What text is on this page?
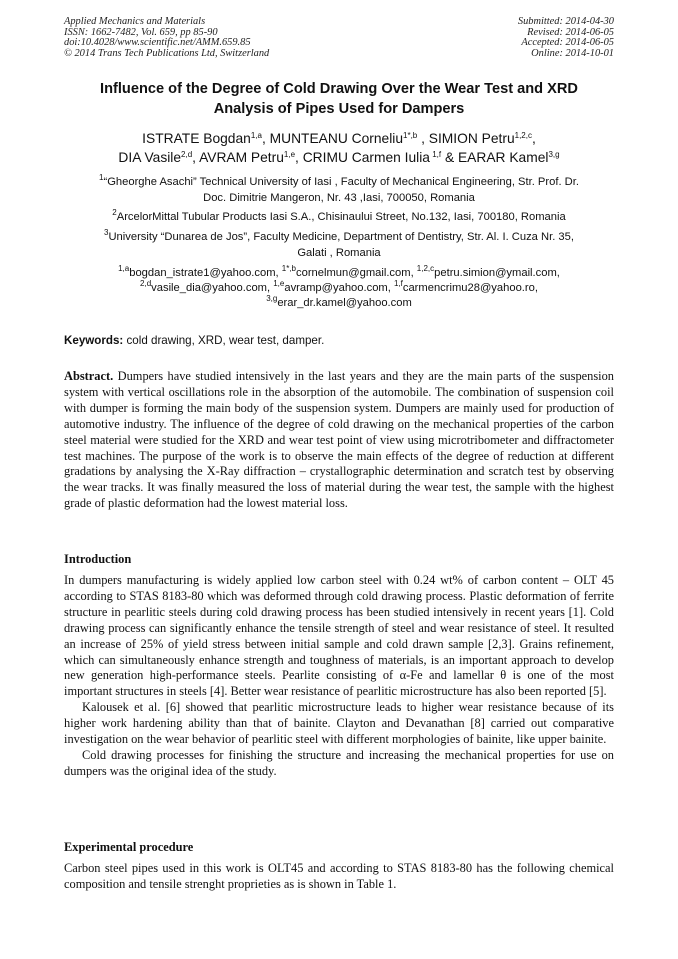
Applied Mechanics and Materials
ISSN: 1662-7482, Vol. 659, pp 85-90
doi:10.4028/www.scientific.net/AMM.659.85
© 2014 Trans Tech Publications Ltd, Switzerland
Submitted: 2014-04-30
Revised: 2014-06-05
Accepted: 2014-06-05
Online: 2014-10-01
Influence of the Degree of Cold Drawing Over the Wear Test and XRD
Analysis of Pipes Used for Dampers
ISTRATE Bogdan$^{1,a}$, MUNTEANU Corneliu$^{1*,b}$ , SIMION Petru$^{1,2,c}$,
DIA Vasile$^{2,d}$, AVRAM Petru$^{1,e}$, CRIMU Carmen Iulia $^{1,f}$ & EARAR Kamel$^{3,g}$
$^1$“Gheorghe Asachi” Technical University of Iasi , Faculty of Mechanical Engineering, Str. Prof. Dr.
Doc. Dimitrie Mangeron, Nr. 43 ,Iasi, 700050, Romania
$^2$ArcelorMittal Tubular Products Iasi S.A., Chisinaului Street, No.132, Iasi, 700180, Romania
$^3$University “Dunarea de Jos”, Faculty Medicine, Department of Dentistry, Str. Al. I. Cuza Nr. 35,
Galati , Romania
$^{1,a}$bogdan_istrate1@yahoo.com, $^{1*,b}$cornelmun@gmail.com, $^{1,2,c}$petru.simion@ymail.com,
$^{2,d}$vasile_dia@yahoo.com, $^{1,e}$avramp@yahoo.com, $^{1,f}$carmencrimu28@yahoo.ro,
$^{3,g}$erar_dr.kamel@yahoo.com
Keywords: cold drawing, XRD, wear test, damper.

Abstract. Dumpers have studied intensively in the last years and they are the main parts of the suspension system with vertical oscillations role in the absorption of the automobile. The combination of suspension coil with dumper is forming the main body of the suspension system. Dumpers are mainly used for production of automotive industry. The influence of the degree of cold drawing on the mechanical properties of the carbon steel material were studied for the XRD and wear test point of view using microtribometer and diffractometer test machines. The purpose of the work is to observe the main effects of the degree of reduction at different gradations by analysing the X-Ray diffraction – crystallographic determination and scratch test by observing the wear tracks. It was finally measured the loss of material during the wear test, the sample with the highest grade of plastic deformation had the lowest material loss.

Introduction

In dumpers manufacturing is widely applied low carbon steel with 0.24 wt% of carbon content – OLT 45 according to STAS 8183-80 which was deformed through cold drawing process. Plastic deformation of ferrite structure in pearlitic steels during cold drawing process has been studied intensively in recent years [1]. Cold drawing process can significantly enhance the tensile strength of steel and wear resistance of steel. It resulted an increase of 25% of yield stress between initial sample and cold drawn sample [2,3]. Grains refinement, which can simultaneously enhance strength and toughness of materials, is an important approach to develop new generation high-performance steels. Pearlite consisting of α-Fe and lamellar θ is one of the most important structures in steels [4]. Better wear resistance of pearlitic microstructure has also been reported [5].

Kalousek et al. [6] showed that pearlitic microstructure leads to higher wear resistance because of its higher work hardening ability than that of bainite. Clayton and Devanathan [8] carried out comparative investigation on the wear behavior of pearlitic steel with different morphologies of bainite, like upper bainite.

Cold drawing processes for finishing the structure and increasing the mechanical properties for use on dumpers was the original idea of the study.

Experimental procedure

Carbon steel pipes used in this work is OLT45 and according to STAS 8183-80 has the following chemical composition and tensile strenght proprieties as is shown in Table 1.
